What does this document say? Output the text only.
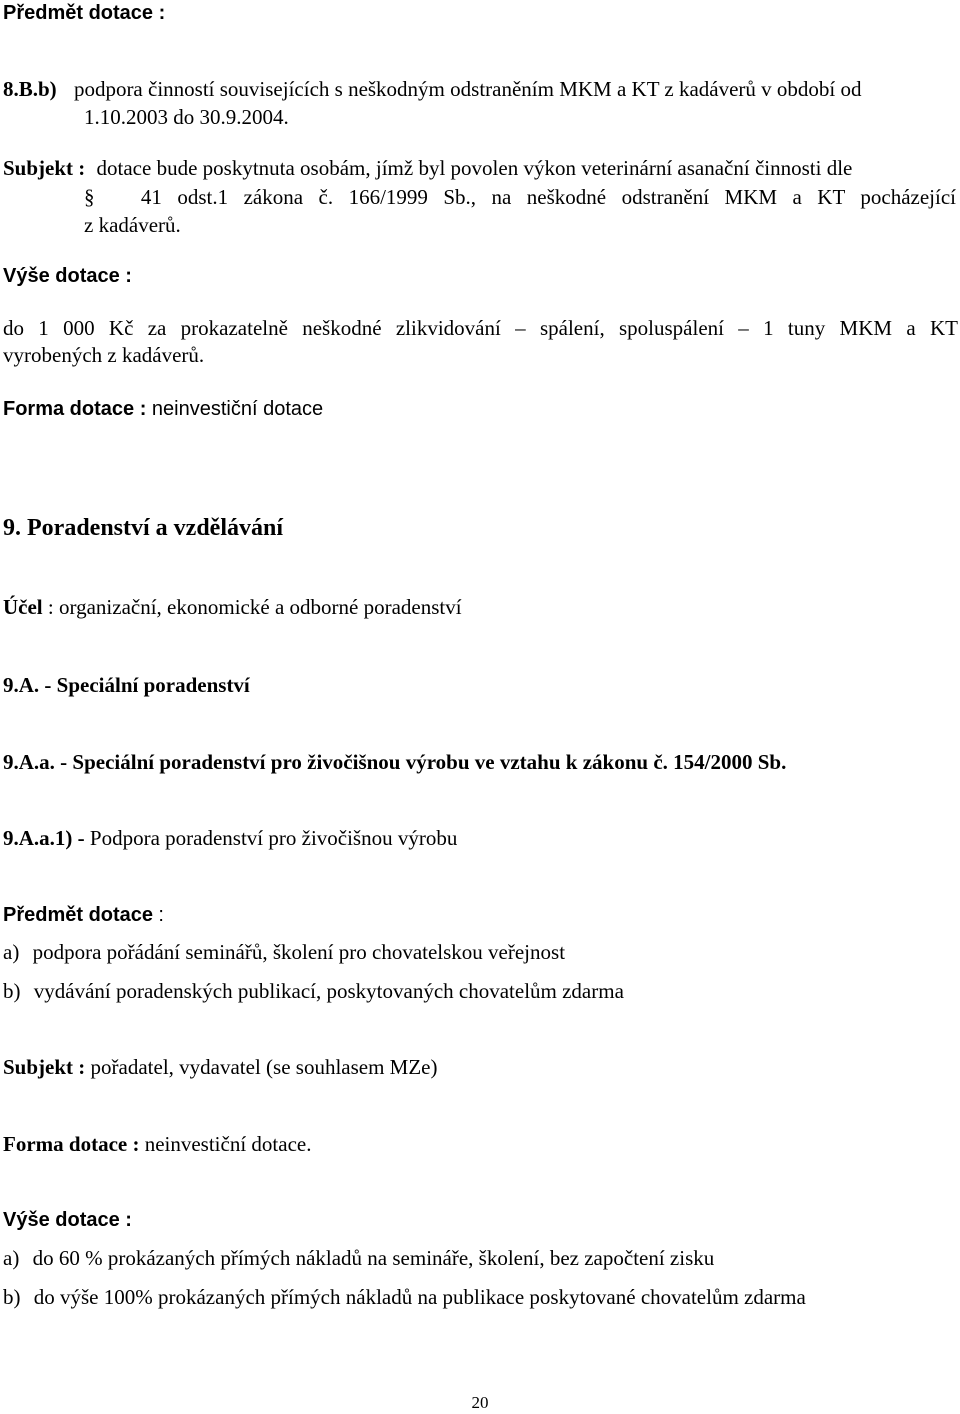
Předmět dotace :
8.B.b) podpora činností souvisejících s neškodným odstraněním MKM a KT z kadáverů v období od
1.10.2003 do 30.9.2004.
Subjekt : dotace bude poskytnuta osobám, jímž byl povolen výkon veterinární asanační činnosti dle
§ 41 odst.1 zákona č. 166/1999 Sb., na neškodné odstranění MKM a KT pocházející
z kadáverů.
Výše dotace :
do 1 000 Kč za prokazatelně neškodné zlikvidování – spálení, spoluspálení – 1 tuny MKM a KT
vyrobených z kadáverů.
Forma dotace : neinvestiční dotace
9. Poradenství a vzdělávání
Účel : organizační, ekonomické a odborné poradenství
9.A. - Speciální poradenství
9.A.a. - Speciální poradenství pro živočišnou výrobu ve vztahu k zákonu č. 154/2000 Sb.
9.A.a.1) - Podpora poradenství pro živočišnou výrobu
Předmět dotace :
a) podpora pořádání seminářů, školení pro chovatelskou veřejnost
b) vydávání poradenských publikací, poskytovaných chovatelům zdarma
Subjekt : pořadatel, vydavatel (se souhlasem MZe)
Forma dotace : neinvestiční dotace.
Výše dotace :
a) do 60 % prokázaných přímých nákladů na semináře, školení, bez započtení zisku
b) do výše 100% prokázaných přímých nákladů na publikace poskytované chovatelům zdarma
20
